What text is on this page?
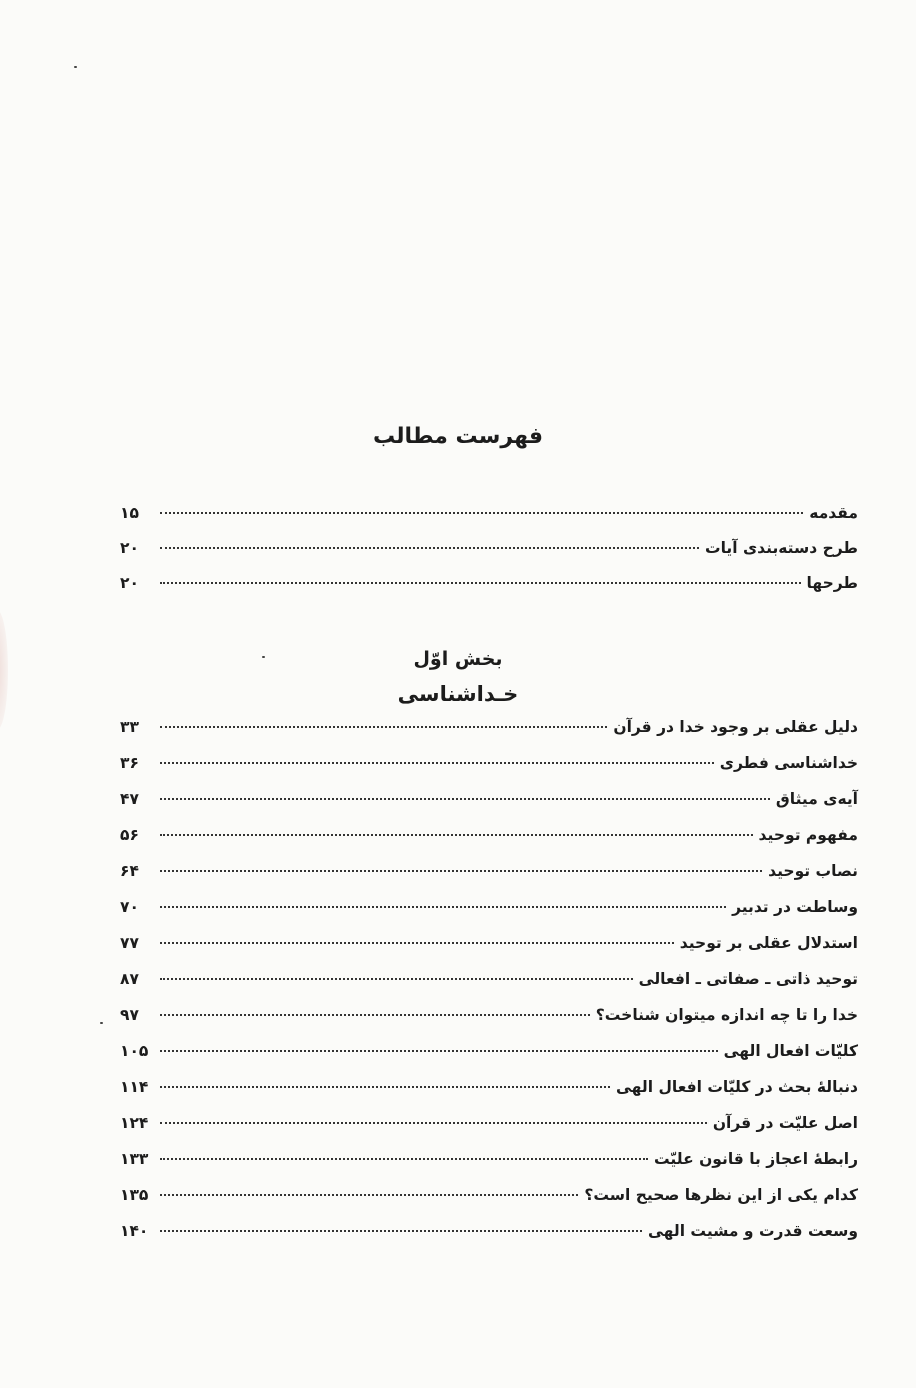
فهرست مطالب
مقدمه
۱۵
طرح دسته‌بندی آیات
۲۰
طرحها
۲۰
بخش اوّل
خـداشناسی
دلیل عقلی بر وجود خدا در قرآن
۳۳
خداشناسی فطری
۳۶
آیه‌ی میثاق
۴۷
مفهوم توحید
۵۶
نصاب توحید
۶۴
وساطت در تدبیر
۷۰
استدلال عقلی بر توحید
۷۷
توحید ذاتی ـ صفاتی ـ افعالی
۸۷
خدا را تا چه اندازه میتوان شناخت؟
۹۷
کلیّات افعال الهی
۱۰۵
دنبالهٔ بحث در کلیّات افعال الهی
۱۱۴
اصل علیّت در قرآن
۱۲۴
رابطهٔ اعجاز با قانون علیّت
۱۳۳
کدام یکی از این نظرها صحیح است؟
۱۳۵
وسعت قدرت و مشیت الهی
۱۴۰
